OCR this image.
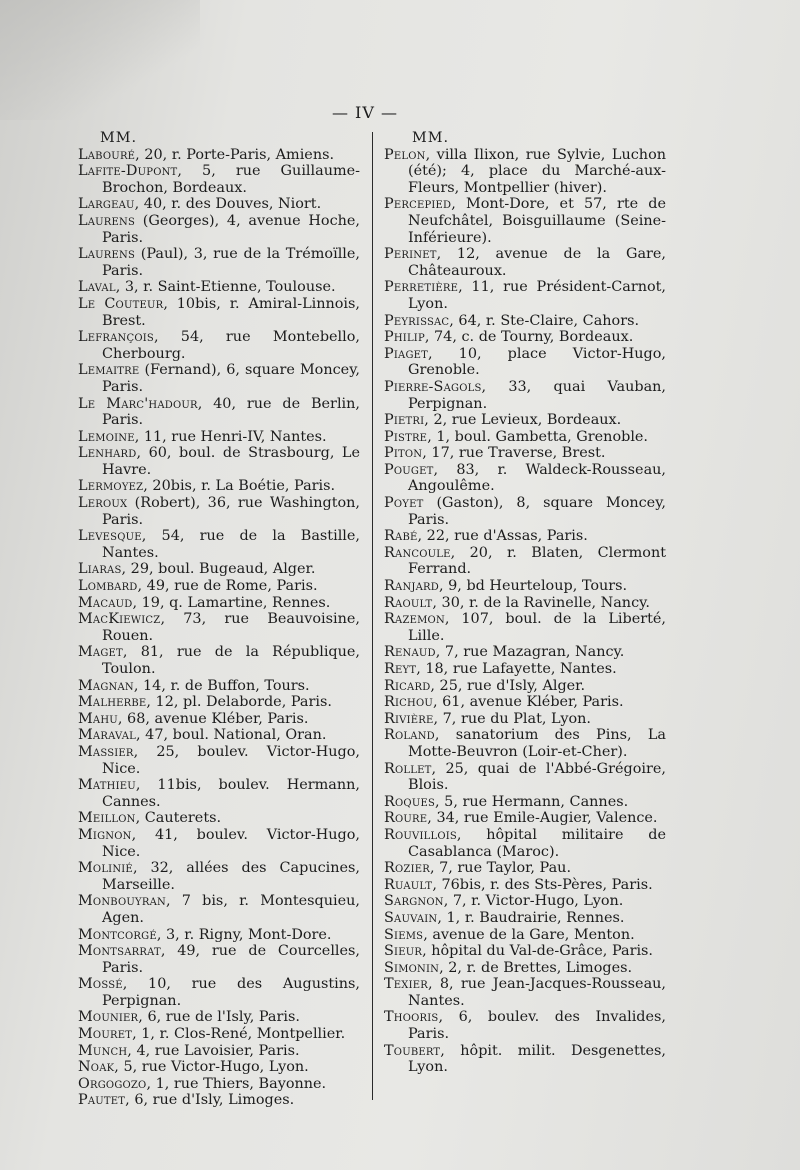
— IV —

MM.

Labouré, 20, r. Porte-Paris, Amiens.

Lafite-Dupont, 5, rue Guillaume-Brochon, Bordeaux.

Largeau, 40, r. des Douves, Niort.

Laurens (Georges), 4, avenue Hoche, Paris.

Laurens (Paul), 3, rue de la Trémoïlle, Paris.

Laval, 3, r. Saint-Etienne, Toulouse.

Le Couteur, 10bis, r. Amiral-Linnois, Brest.

Lefrançois, 54, rue Montebello, Cherbourg.

Lemaitre (Fernand), 6, square Moncey, Paris.

Le Marc'hadour, 40, rue de Berlin, Paris.

Lemoine, 11, rue Henri-IV, Nantes.

Lenhard, 60, boul. de Strasbourg, Le Havre.

Lermoyez, 20bis, r. La Boétie, Paris.

Leroux (Robert), 36, rue Washington, Paris.

Levesque, 54, rue de la Bastille, Nantes.

Liaras, 29, boul. Bugeaud, Alger.

Lombard, 49, rue de Rome, Paris.

Macaud, 19, q. Lamartine, Rennes.

MacKiewicz, 73, rue Beauvoisine, Rouen.

Maget, 81, rue de la République, Toulon.

Magnan, 14, r. de Buffon, Tours.

Malherbe, 12, pl. Delaborde, Paris.

Mahu, 68, avenue Kléber, Paris.

Maraval, 47, boul. National, Oran.

Massier, 25, boulev. Victor-Hugo, Nice.

Mathieu, 11bis, boulev. Hermann, Cannes.

Meillon, Cauterets.

Mignon, 41, boulev. Victor-Hugo, Nice.

Molinié, 32, allées des Capucines, Marseille.

Monbouyran, 7 bis, r. Montesquieu, Agen.

Montcorgé, 3, r. Rigny, Mont-Dore.

Montsarrat, 49, rue de Courcelles, Paris.

Mossé, 10, rue des Augustins, Perpignan.

Mounier, 6, rue de l'Isly, Paris.

Mouret, 1, r. Clos-René, Montpellier.

Munch, 4, rue Lavoisier, Paris.

Noak, 5, rue Victor-Hugo, Lyon.

Orgogozo, 1, rue Thiers, Bayonne.

Pautet, 6, rue d'Isly, Limoges.

MM.

Pelon, villa Ilixon, rue Sylvie, Luchon (été); 4, place du Marché-aux-Fleurs, Montpellier (hiver).

Percepied, Mont-Dore, et 57, rte de Neufchâtel, Boisguillaume (Seine-Inférieure).

Perinet, 12, avenue de la Gare, Châteauroux.

Perretière, 11, rue Président-Carnot, Lyon.

Peyrissac, 64, r. Ste-Claire, Cahors.

Philip, 74, c. de Tourny, Bordeaux.

Piaget, 10, place Victor-Hugo, Grenoble.

Pierre-Sagols, 33, quai Vauban, Perpignan.

Pietri, 2, rue Levieux, Bordeaux.

Pistre, 1, boul. Gambetta, Grenoble.

Piton, 17, rue Traverse, Brest.

Pouget, 83, r. Waldeck-Rousseau, Angoulême.

Poyet (Gaston), 8, square Moncey, Paris.

Rabé, 22, rue d'Assas, Paris.

Rancoule, 20, r. Blaten, Clermont Ferrand.

Ranjard, 9, bd Heurteloup, Tours.

Raoult, 30, r. de la Ravinelle, Nancy.

Razemon, 107, boul. de la Liberté, Lille.

Renaud, 7, rue Mazagran, Nancy.

Reyt, 18, rue Lafayette, Nantes.

Ricard, 25, rue d'Isly, Alger.

Richou, 61, avenue Kléber, Paris.

Rivière, 7, rue du Plat, Lyon.

Roland, sanatorium des Pins, La Motte-Beuvron (Loir-et-Cher).

Rollet, 25, quai de l'Abbé-Grégoire, Blois.

Roques, 5, rue Hermann, Cannes.

Roure, 34, rue Emile-Augier, Valence.

Rouvillois, hôpital militaire de Casablanca (Maroc).

Rozier, 7, rue Taylor, Pau.

Ruault, 76bis, r. des Sts-Pères, Paris.

Sargnon, 7, r. Victor-Hugo, Lyon.

Sauvain, 1, r. Baudrairie, Rennes.

Siems, avenue de la Gare, Menton.

Sieur, hôpital du Val-de-Grâce, Paris.

Simonin, 2, r. de Brettes, Limoges.

Texier, 8, rue Jean-Jacques-Rousseau, Nantes.

Thooris, 6, boulev. des Invalides, Paris.

Toubert, hôpit. milit. Desgenettes, Lyon.
